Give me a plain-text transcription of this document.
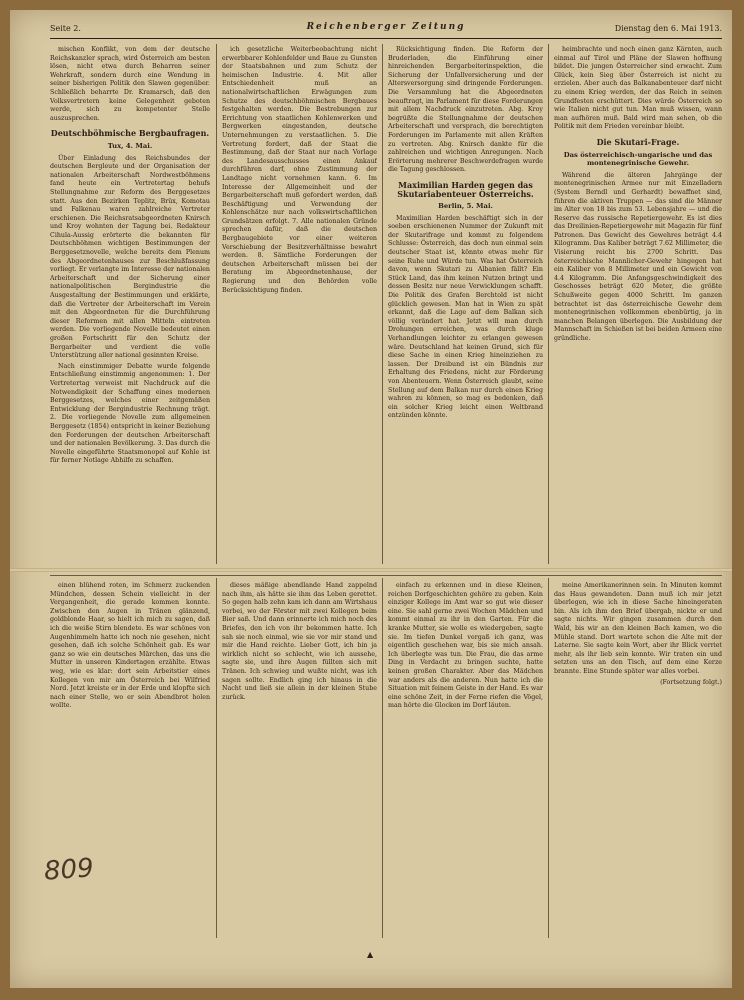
Seite 2.	Reichenberger Zeitung	Dienstag den 6. Mai 1913.

mischen Konflikt, von dem der deutsche Reichskanzler sprach, wird Österreich am besten lösen, nicht etwa durch Beharren seiner Wehrkraft, sondern durch eine Wendung in seiner bisherigen Politik den Slawen gegenüber. Schließlich beharrte Dr. Kramarsch, daß den Volksvertretern keine Gelegenheit geboten werde, sich zu kompetenter Stelle auszusprechen.

Deutschböhmische Bergbaufragen.
Tux, 4. Mai.

Über Einladung des Reichsbundes der deutschen Bergleute und der Organisation der nationalen Arbeiterschaft Nordwestböhmens fand heute ein Vertretertag behufs Stellungnahme zur Reform des Berggesetzes statt. Aus den Bezirken Teplitz, Brüx, Komotau und Falkenau waren zahlreiche Vertreter erschienen. Die Reichsratsabgeordneten Knirsch und Kroy wohnten der Tagung bei. Redakteur Cihula-Aussig erörterte die bekannten für Deutschböhmen wichtigen Bestimmungen der Berggesetznovelle, welche bereits dem Plenum des Abgeordnetenhauses zur Beschlußfassung vorliegt. Er verlangte im Interesse der nationalen Arbeiterschaft und der Sicherung einer nationalpolitischen Bergindustrie die Ausgestaltung der Bestimmungen und erklärte, daß die Vertreter der Arbeiterschaft im Verein mit den Abgeordneten für die Durchführung dieser Reformen mit allen Mitteln eintreten werden. Die vorliegende Novelle bedeutet einen großen Fortschritt für den Schutz der Bergarbeiter und verdient die volle Unterstützung aller national gesinnten Kreise.

Nach einstimmiger Debatte wurde folgende Entschließung einstimmig angenommen: 1. Der Vertretertag verweist mit Nachdruck auf die Notwendigkeit der Schaffung eines modernen Berggesetzes, welches einer zeitgemäßen Entwicklung der Bergindustrie Rechnung trägt. 2. Die vorliegende Novelle zum allgemeinen Berggesetz (1854) entspricht in keiner Beziehung den Forderungen der deutschen Arbeiterschaft und der nationalen Bevölkerung. 3. Das durch die Novelle eingeführte Staatsmonopol auf Kohle ist für ferner Notlage Abhilfe zu schaffen.

ich gesetzliche Weiterbeobachtung nicht erwerbbarer Kohlenfelder und Baue zu Gunsten der Staatsbahnen und zum Schutz der heimischen Industrie. 4. Mit aller Entschiedenheit muß an nationalwirtschaftlichen Erwägungen zum Schutze des deutschböhmischen Bergbaues festgehalten werden. Die Bestrebungen zur Errichtung von staatlichen Kohlenwerken und Bergwerken eingestanden, deutsche Unternehmungen zu verstaatlichen. 5. Die Vertretung fordert, daß der Staat die Bestimmung, daß der Staat nur nach Vorlage des Landesausschusses einen Ankauf durchführen darf, ohne Zustimmung der Landtage nicht vornehmen kann. 6. Im Interesse der Allgemeinheit und der Bergarbeiterschaft muß gefordert werden, daß Beschäftigung und Verwendung der Kohlenschätze nur nach volkswirtschaftlichen Grundsätzen erfolgt. 7. Alle nationalen Gründe sprechen dafür, daß die deutschen Bergbaugebiete vor einer weiteren Verschiebung der Besitzverhältnisse bewahrt werden. 8. Sämtliche Forderungen der deutschen Arbeiterschaft müssen bei der Beratung im Abgeordnetenhause, der Regierung und den Behörden volle Berücksichtigung finden.

Rücksichtigung finden. Die Reform der Bruderladen, die Einführung einer hinreichenden Bergarbeiterinspektion, die Sicherung der Unfallversicherung und der Altersversorgung sind dringende Forderungen. Die Versammlung hat die Abgeordneten beauftragt, im Parlament für diese Forderungen mit allem Nachdruck einzutreten. Abg. Kroy begrüßte die Stellungnahme der deutschen Arbeiterschaft und versprach, die berechtigten Forderungen im Parlamente mit allen Kräften zu vertreten. Abg. Knirsch dankte für die zahlreichen und wichtigen Anregungen. Nach Erörterung mehrerer Beschwerdefragen wurde die Tagung geschlossen.

Maximilian Harden gegen das Skutariabenteuer Österreichs.
Berlin, 5. Mai.

Maximilian Harden beschäftigt sich in der soeben erschienenen Nummer der Zukunft mit der Skutarifrage und kommt zu folgendem Schlusse: Österreich, das doch nun einmal sein deutscher Staat ist, könnte etwas mehr für seine Ruhe und Würde tun. Was hat Österreich davon, wenn Skutari zu Albanien fällt? Ein Stück Land, das ihm keinen Nutzen bringt und dessen Besitz nur neue Verwicklungen schafft. Die Politik des Grafen Berchtold ist nicht glücklich gewesen. Man hat in Wien zu spät erkannt, daß die Lage auf dem Balkan sich völlig verändert hat. Jetzt will man durch Drohungen erreichen, was durch kluge Verhandlungen leichter zu erlangen gewesen wäre. Deutschland hat keinen Grund, sich für diese Sache in einen Krieg hineinziehen zu lassen. Der Dreibund ist ein Bündnis zur Erhaltung des Friedens, nicht zur Förderung von Abenteuern. Wenn Österreich glaubt, seine Stellung auf dem Balkan nur durch einen Krieg wahren zu können, so mag es bedenken, daß ein solcher Krieg leicht einen Weltbrand entzünden könnte.

heimbrachte und noch einen ganz Kärnten, auch einmal auf Tirol und Pläne der Slawen hoffnung bildet. Die jungen Österreicher sind erwacht. Zum Glück, kein Sieg über Österreich ist nicht zu erzielen. Aber auch das Balkanabenteuer darf nicht zu einem Krieg werden, der das Reich in seinen Grundfesten erschüttert. Dies würde Österreich so wie Italien nicht gut tun. Man muß wissen, wann man aufhören muß. Bald wird man sehen, ob die Politik mit dem Frieden vereinbar bleibt.

Die Skutari-Frage.
Das österreichisch-ungarische und das montenegrinische Gewehr.

Während die älteren Jahrgänge der montenegrinischen Armee nur mit Einzelladern (System Berndl und Gerhardt) bewaffnet sind, führen die aktiven Truppen — das sind die Männer im Alter von 18 bis zum 53. Lebensjahre — und die Reserve das russische Repetiergewehr. Es ist dies das Dreilinien-Repetiergewehr mit Magazin für fünf Patronen. Das Gewicht des Gewehres beträgt 4.4 Kilogramm. Das Kaliber beträgt 7.62 Millimeter, die Visierung reicht bis 2700 Schritt. Das österreichische Mannlicher-Gewehr hingegen hat ein Kaliber von 8 Millimeter und ein Gewicht von 4.4 Kilogramm. Die Anfangsgeschwindigkeit des Geschosses beträgt 620 Meter, die größte Schußweite gegen 4000 Schritt. Im ganzen betrachtet ist das österreichische Gewehr dem montenegrinischen vollkommen ebenbürtig, ja in manchen Belangen überlegen. Die Ausbildung der Mannschaft im Schießen ist bei beiden Armeen eine gründliche.

einen blühend roten, im Schmerz zuckenden Mündchen, dessen Schein vielleicht in der Vergangenheit, die gerade kommen konnte. Zwischen den Augen in Tränen glänzend, goldblonde Haar, so hielt ich mich zu sagen, daß ich die weiße Stirn blendete. Es war schönes von Augenhimmeln hatte ich noch nie gesehen, nicht gesehen, daß ich solche Schönheit gab. Es war ganz so wie ein deutsches Märchen, das uns die Mutter in unseren Kindertagen erzählte. Etwas weg, wie es klar: dort sein Arbeitstier eines Kollegen von mir am Österreich bei Wilfried Nord. Jetzt kreiste er in der Erde und klopfte sich nach einer Stelle, wo er sein Abendbrot holen wollte.

dieses mäßige abendlande Hand zappelnd nach ihm, als hätte sie ihm das Leben gerettet. So gegen halb zehn kam ich dann am Wirtshaus vorbei, wo der Förster mit zwei Kollegen beim Bier saß. Und dann erinnerte ich mich noch des Briefes, den ich von ihr bekommen hatte. Ich sah sie noch einmal, wie sie vor mir stand und mir die Hand reichte. Lieber Gott, ich bin ja wirklich nicht so schlecht, wie ich aussehe, sagte sie, und ihre Augen füllten sich mit Tränen. Ich schwieg und wußte nicht, was ich sagen sollte. Endlich ging ich hinaus in die Nacht und ließ sie allein in der kleinen Stube zurück.

einfach zu erkennen und in diese Kleinen, reichen Dorfgeschichten gehöre zu geben. Kein einziger Kollege im Amt war so gut wie dieser eine. Sie sahl gerne zwei Wochen Mädchen und kommt einmal zu ihr in den Garten. Für die kranke Mutter, sie wolle es wiedergeben, sagte sie. Im tiefen Dunkel vergaß ich ganz, was eigentlich geschehen war, bis sie mich ansah. Ich überlegte was tun. Die Frau, die das arme Ding in Verdacht zu bringen suchte, hatte keinen großen Charakter. Aber das Mädchen war anders als die anderen. Nun hatte ich die Situation mit feinem Geiste in der Hand. Es war eine schöne Zeit, in der Ferne riefen die Vögel, man hörte die Glocken im Dorf läuten.

meine Amerikanerinnen sein. In Minuten kommt das Haus gewandeten. Dann muß ich mir jetzt überlegen, wie ich in diese Sache hineingeraten bin. Als ich ihm den Brief übergab, nickte er und sagte nichts. Wir gingen zusammen durch den Wald, bis wir an den kleinen Bach kamen, wo die Mühle stand. Dort wartete schon die Alte mit der Laterne. Sie sagte kein Wort, aber ihr Blick verriet mehr, als ihr lieb sein konnte. Wir traten ein und setzten uns an den Tisch, auf dem eine Kerze brannte. Eine Stunde später war alles vorbei.

(Fortsetzung folgt.)
809
▲
